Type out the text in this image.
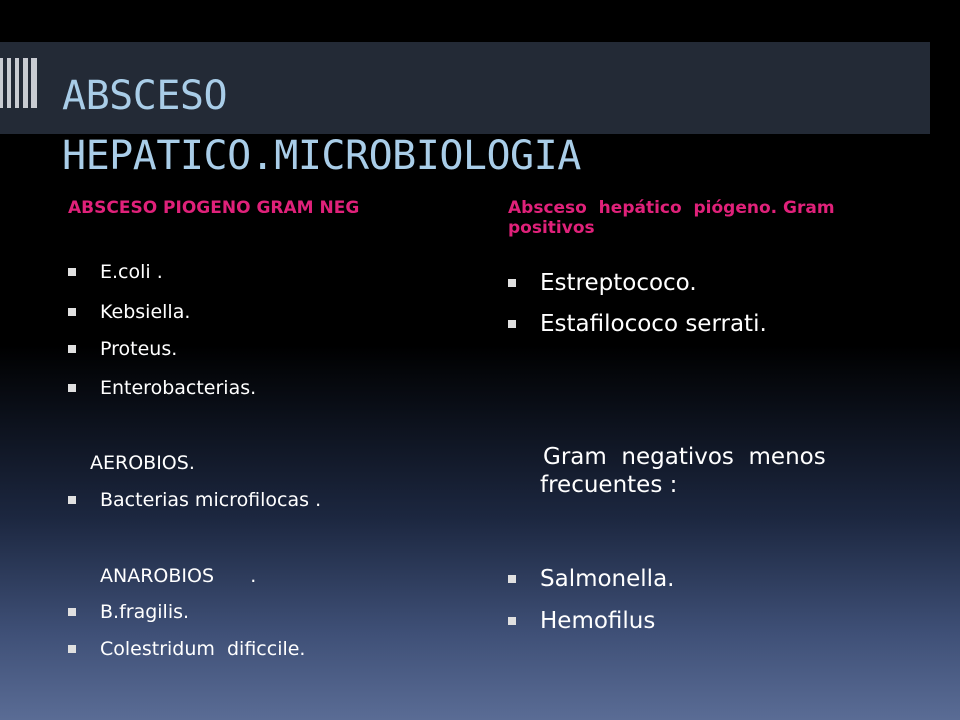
ABSCESO
HEPATICO.MICROBIOLOGIA
ABSCESO PIOGENO GRAM NEG

E.coli .

Kebsiella.

Proteus.

Enterobacterias.

AEROBIOS.

Bacterias microfilocas .

ANAROBIOS      .

B.fragilis.

Colestridum  dificcile.

Absceso  hepático  piógeno. Gram positivos

Estreptococo.

Estafilococo serrati.

Gram  negativos  menos frecuentes :

Salmonella.

Hemofilus
